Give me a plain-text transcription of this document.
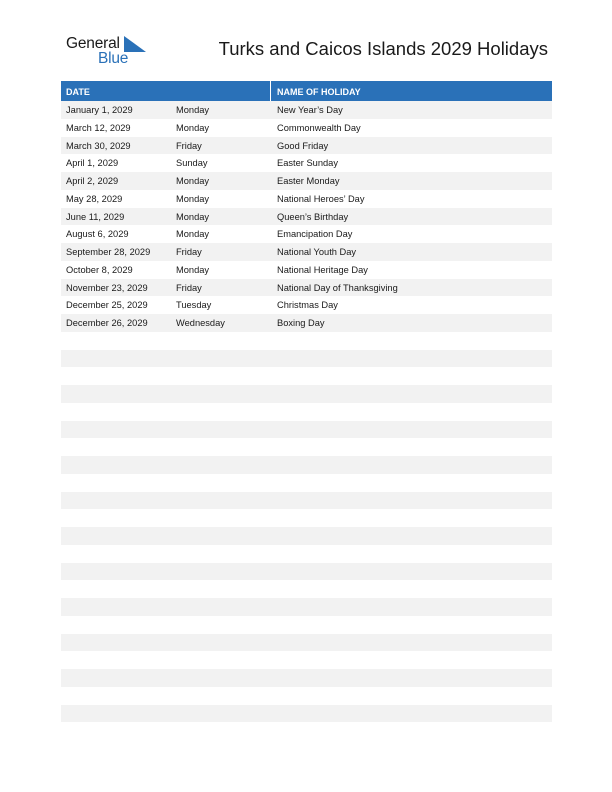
General
Blue	Turks and Caicos Islands 2029 Holidays
DATE	NAME OF HOLIDAY
January 1, 2029	Monday	New Year’s Day
March 12, 2029	Monday	Commonwealth Day
March 30, 2029	Friday	Good Friday
April 1, 2029	Sunday	Easter Sunday
April 2, 2029	Monday	Easter Monday
May 28, 2029	Monday	National Heroes’ Day
June 11, 2029	Monday	Queen’s Birthday
August 6, 2029	Monday	Emancipation Day
September 28, 2029	Friday	National Youth Day
October 8, 2029	Monday	National Heritage Day
November 23, 2029	Friday	National Day of Thanksgiving
December 25, 2029	Tuesday	Christmas Day
December 26, 2029	Wednesday	Boxing Day
